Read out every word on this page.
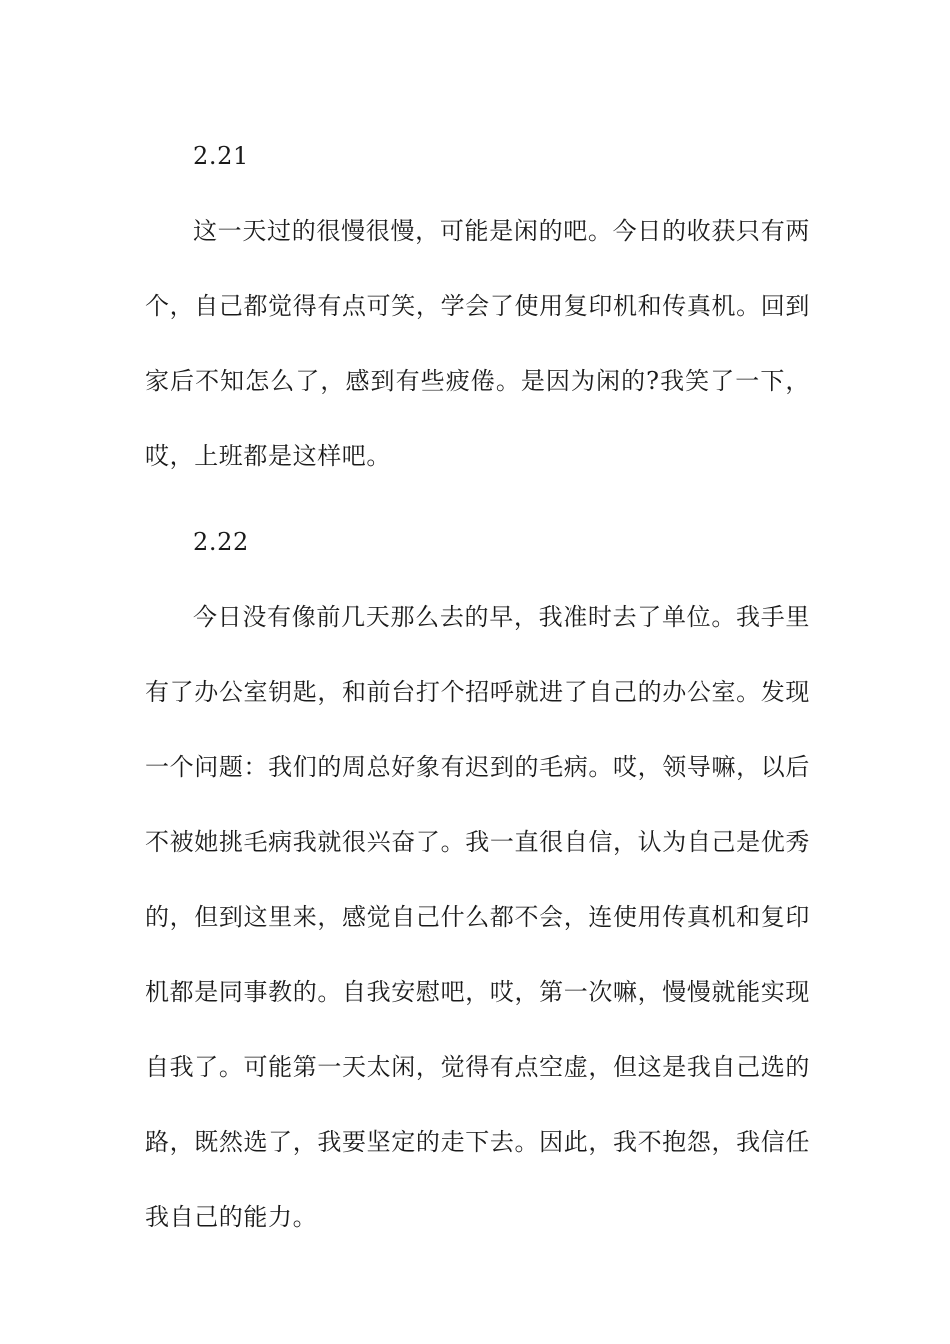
2.21

这一天过的很慢很慢，可能是闲的吧。今日的收获只有两个，自己都觉得有点可笑，学会了使用复印机和传真机。回到家后不知怎么了，感到有些疲倦。是因为闲的?我笑了一下，哎，上班都是这样吧。

2.22

今日没有像前几天那么去的早，我准时去了单位。我手里有了办公室钥匙，和前台打个招呼就进了自己的办公室。发现一个问题：我们的周总好象有迟到的毛病。哎，领导嘛，以后不被她挑毛病我就很兴奋了。我一直很自信，认为自己是优秀的，但到这里来，感觉自己什么都不会，连使用传真机和复印机都是同事教的。自我安慰吧，哎，第一次嘛，慢慢就能实现自我了。可能第一天太闲，觉得有点空虚，但这是我自己选的路，既然选了，我要坚定的走下去。因此，我不抱怨，我信任我自己的能力。
